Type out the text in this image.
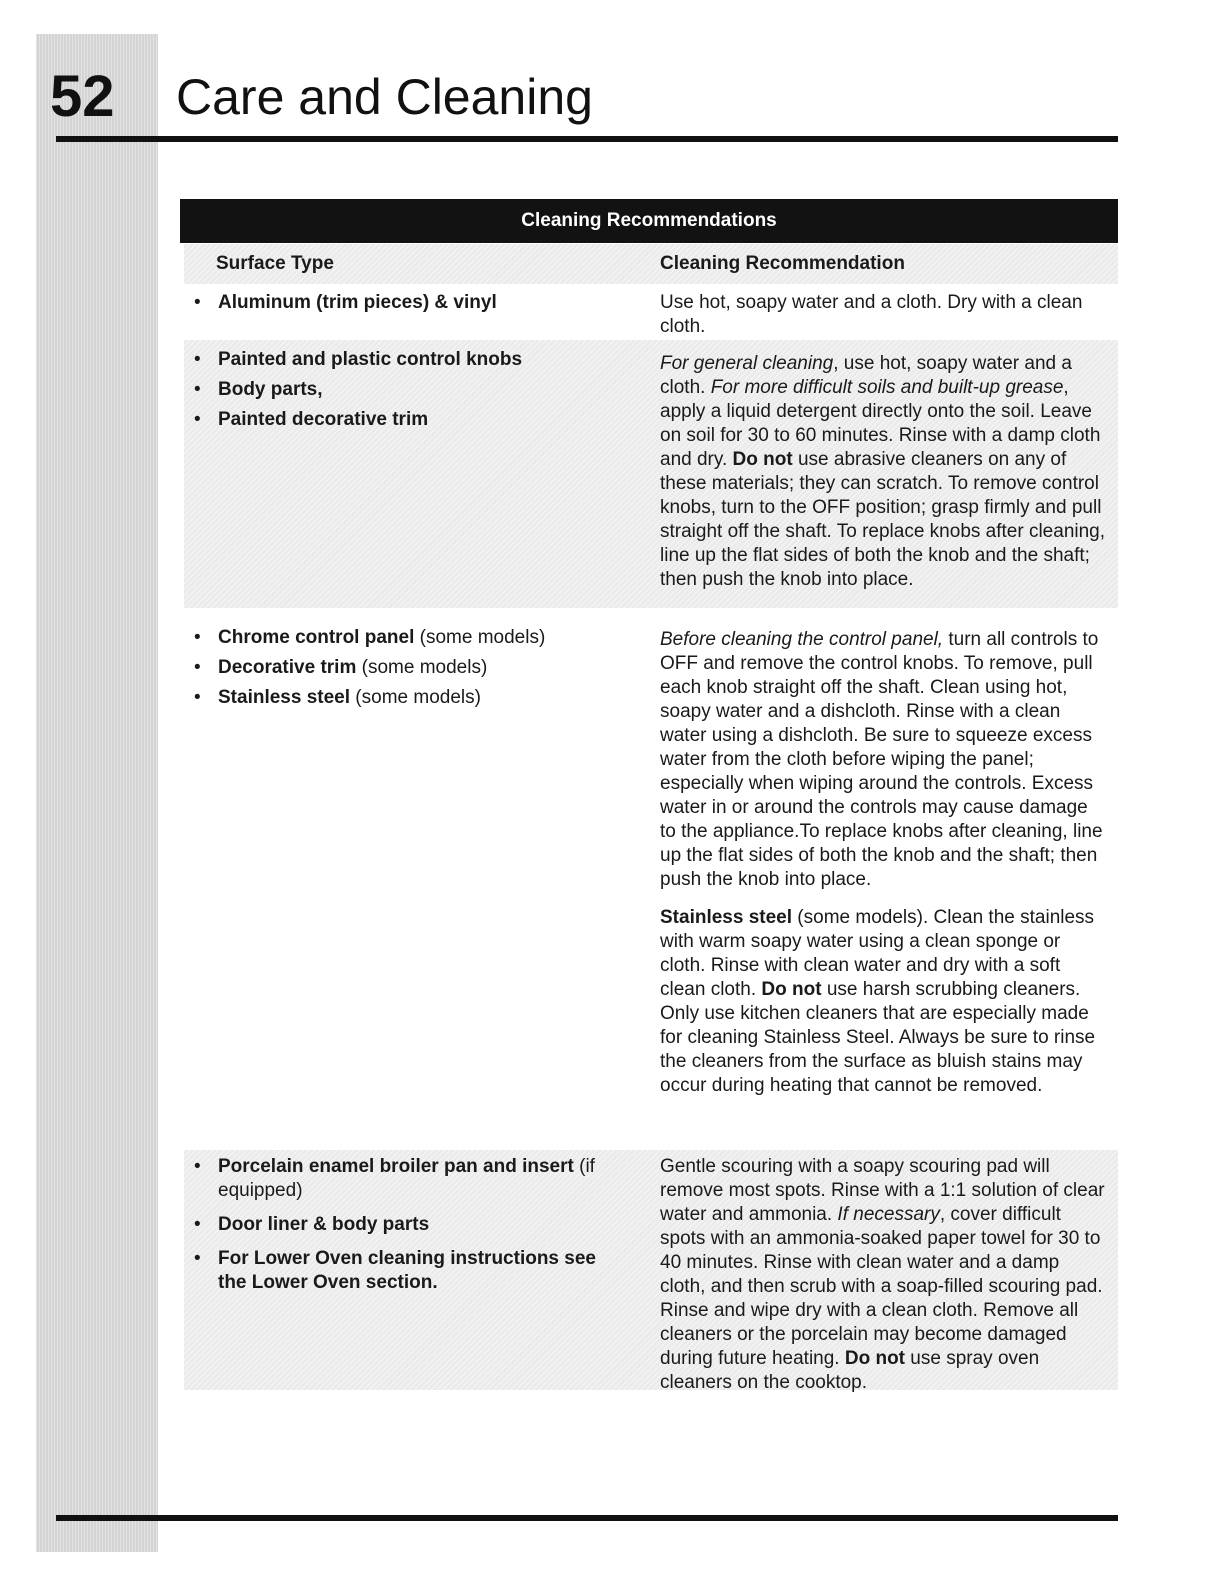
52 Care and Cleaning
Cleaning Recommendations
Surface Type	Cleaning Recommendation
• Aluminum (trim pieces) & vinyl	Use hot, soapy water and a cloth. Dry with a clean cloth.

• Painted and plastic control knobs
• Body parts,
• Painted decorative trim

For general cleaning, use hot, soapy water and a cloth. For more difficult soils and built-up grease, apply a liquid detergent directly onto the soil. Leave on soil for 30 to 60 minutes. Rinse with a damp cloth and dry. Do not use abrasive cleaners on any of these materials; they can scratch. To remove control knobs, turn to the OFF position; grasp firmly and pull straight off the shaft. To replace knobs after cleaning, line up the flat sides of both the knob and the shaft; then push the knob into place.

• Chrome control panel (some models)
• Decorative trim (some models)
• Stainless steel (some models)

Before cleaning the control panel, turn all controls to OFF and remove the control knobs. To remove, pull each knob straight off the shaft. Clean using hot, soapy water and a dishcloth. Rinse with a clean water using a dishcloth. Be sure to squeeze excess water from the cloth before wiping the panel; especially when wiping around the controls. Excess water in or around the controls may cause damage to the appliance.To replace knobs after cleaning, line up the flat sides of both the knob and the shaft; then push the knob into place.

Stainless steel (some models). Clean the stainless with warm soapy water using a clean sponge or cloth. Rinse with clean water and dry with a soft clean cloth. Do not use harsh scrubbing cleaners. Only use kitchen cleaners that are especially made for cleaning Stainless Steel. Always be sure to rinse the cleaners from the surface as bluish stains may occur during heating that cannot be removed.

• Porcelain enamel broiler pan and insert (if equipped)
• Door liner & body parts
• For Lower Oven cleaning instructions see the Lower Oven section.

Gentle scouring with a soapy scouring pad will remove most spots. Rinse with a 1:1 solution of clear water and ammonia. If necessary, cover difficult spots with an ammonia-soaked paper towel for 30 to 40 minutes. Rinse with clean water and a damp cloth, and then scrub with a soap-filled scouring pad. Rinse and wipe dry with a clean cloth. Remove all cleaners or the porcelain may become damaged during future heating. Do not use spray oven cleaners on the cooktop.
